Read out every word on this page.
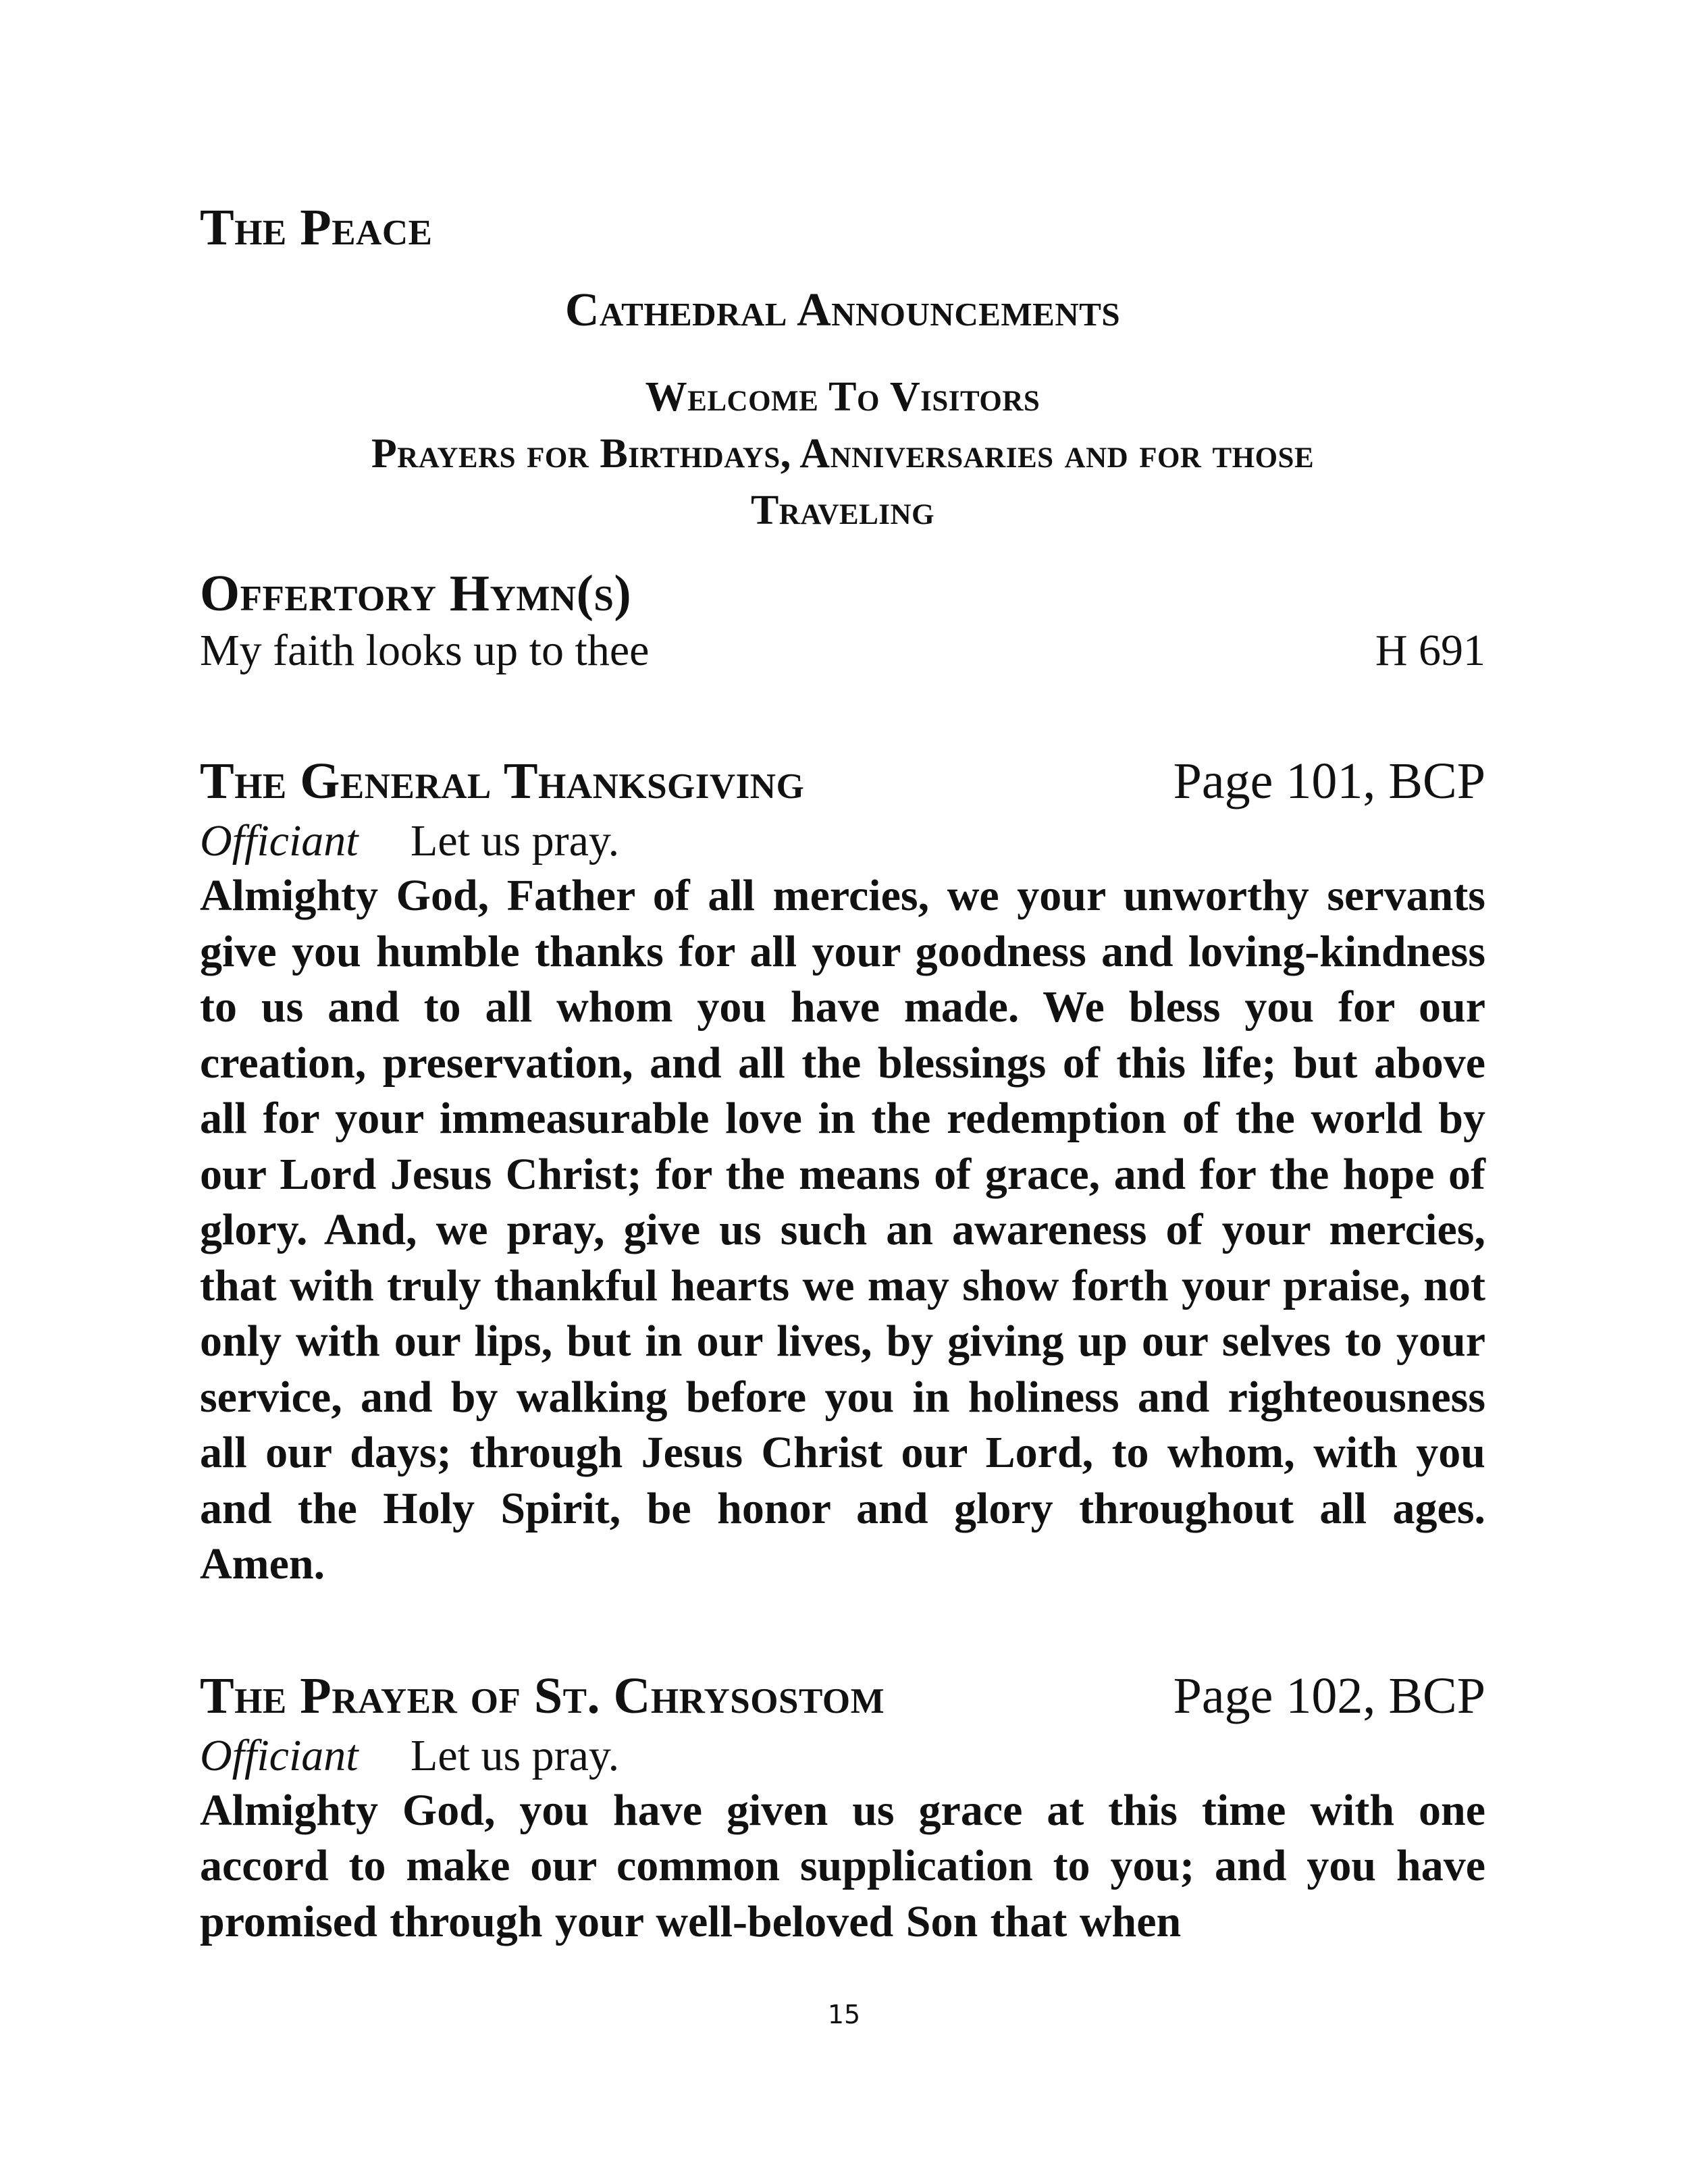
The Peace
Cathedral Announcements
Welcome To Visitors
Prayers for Birthdays, Anniversaries and for those
Traveling
Offertory Hymn(s)
My faith looks up to thee	H 691
The General Thanksgiving	Page 101, BCP
Officiant Let us pray.

Almighty God, Father of all mercies, we your unworthy servants give you humble thanks for all your goodness and loving-kindness to us and to all whom you have made. We bless you for our creation, preservation, and all the blessings of this life; but above all for your immeasurable love in the redemption of the world by our Lord Jesus Christ; for the means of grace, and for the hope of glory. And, we pray, give us such an awareness of your mercies, that with truly thankful hearts we may show forth your praise, not only with our lips, but in our lives, by giving up our selves to your service, and by walking before you in holiness and righteousness all our days; through Jesus Christ our Lord, to whom, with you and the Holy Spirit, be honor and glory throughout all ages. Amen.

The Prayer of St. Chrysostom	Page 102, BCP
Officiant Let us pray.

Almighty God, you have given us grace at this time with one accord to make our common supplication to you; and you have promised through your well-beloved Son that when

15
